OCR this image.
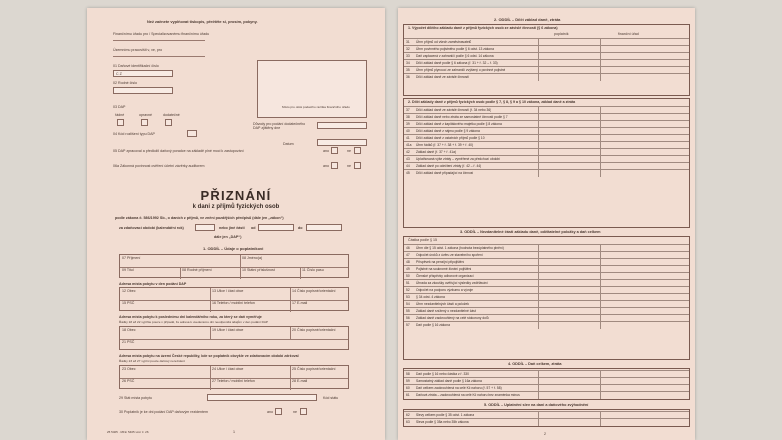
Než začnete vyplňovat tiskopis, přečtěte si, prosím, pokyny.
Finančnímu úřadu pro / Specializovanému finančnímu úřadu
Územnímu pracovišti v, ve, pro
01 Daňové identifikační číslo
C Z
02 Rodné číslo
Místo pro otisk podacího razítka finančního úřadu
03 DAP
řádné	opravné	dodatečné
Důvody pro podání dodatečného DAP zjištěny dne
04 Kód rozlišení typu DAP
05 DAP zpracoval a předložil daňový poradce na základě plné moci k zastupování
Datum
ano	ne
06a Zákonná povinnost ověření účetní závěrky auditorem	ano	ne
PŘIZNÁNÍ
k dani z příjmů fyzických osob
podle zákona č. 586/1992 Sb., o daních z příjmů, ve znění pozdějších předpisů (dále jen „zákon“)
za zdaňovací období (kalendářní rok)	nebo jiné části od	do
dále jen „DAP“)
1. ODDÍL – Údaje o poplatníkovi
07 Příjmení	08 Jméno(a)
09 Titul	08 Rodné příjmení	10 Státní příslušnost	11 Číslo pasu
Adresa místa pobytu v den podání DAP
12 Obec	13 Ulice / část obce	14 Číslo popisné/orientační
15 PSČ	16 Telefon / mobilní telefon	17 E-mail
Adresa místa pobytu k poslednímu dni kalendářního roku, za který se daň vyměřuje
Řádky 18 až 22 vyplňte pouze v případě, že adresa k uvedenému dni neodpovídá údajům v den podání DAP
18 Obec	19 Ulice / část obce	20 Číslo popisné/orientační
21 PSČ
Adresa místa pobytu na území České republiky, kde se poplatník obvykle ve zdaňovacím období zdržoval
Řádky 23 až 27 vyplní pouze daňový nerezident
23 Obec	24 Ulice / část obce	25 Číslo popisné/orientační
26 PSČ	27 Telefon / mobilní telefon	28 E-mail
29 Stát místa pobytu	Kód státu
30 Poplatník je ke dni podání DAP daňovým rezidentem	ano	ne
25 5405 · MFin 5405 vzor č. 26	1
2. ODDÍL – Dílčí základ daně, ztráta
1. Výpočet dílčího základu daně z příjmů fyzických osob ze závislé činnosti (§ 6 zákona)
poplatník	finanční úřad
31	Úhrn příjmů od všech zaměstnavatelů
32	Úhrn povinného pojistného podle § 6 odst. 13 zákona
33	Daň zaplacená v zahraničí podle § 6 odst. 14 zákona
34	Dílčí základ daně podle § 6 zákona (ř. 31 + ř. 32 – ř. 33)
35	Úhrn příjmů plynoucí ze zahraničí zvýšený o povinné pojistné
36	Dílčí základ daně ze závislé činnosti
2. Dílčí základy daně z příjmů fyzických osob podle § 7, § 8, § 9 a § 10 zákona, základ daně a ztráta
37	Dílčí základ daně ze závislé činnosti (ř. 34 nebo 36)
38	Dílčí základ daně nebo ztráta ze samostatné činnosti podle § 7
39	Dílčí základ daně z kapitálového majetku podle § 8 zákona
40	Dílčí základ daně z nájmu podle § 9 zákona
41	Dílčí základ daně z ostatních příjmů podle § 10
41a	Úhrn řádků (ř. 37 + ř. 38 + ř. 39 + ř. 40)
42	Základ daně (ř. 37 + ř. 41a)
43	Uplatňovaná výše ztráty – vyměřené za předchozí období
44	Základ daně po odečtení ztráty (ř. 42 – ř. 44)
45	Dílčí základ daně připadající na činnost
3. ODDÍL – Nezdanitelné části základu daně, odčitatelné položky a daň celkem
Částka podle § 15
46	Úhrn dle § 15 odst. 1 zákona (hodnota bezúplatného plnění)
47	Odpočet úroků z úvěru ze stavebního spoření
48	Příspěvek na penzijní připojištění
49	Pojistné na soukromé životní pojištění
50	Členské příspěvky odborové organizaci
51	Úhrada za zkoušky ověřující výsledky vzdělávání
52	Odpočet na podporu výzkumu a vývoje
53	§ 34 odst. 4 zákona
54	Úhrn nezdanitelných částí a položek
55	Základ daně snížený o nezdanitelné části
56	Základ daně zaokrouhlený na celé stokoruny dolů
57	Daň podle § 16 zákona
4. ODDÍL – Daň celkem, ztráta
58	Daň podle § 16 nebo částka z ř. 330
59	Samostatný základ daně podle § 16a zákona
60	Daň celkem zaokrouhlená na celé Kč nahoru (ř. 57 + ř. 58)
61	Daňová ztráta – zaokrouhlená na celé Kč nahoru bez znaménka mínus
5. ODDÍL – Uplatnění slev na dani a daňového zvýhodnění
62	Slevy celkem podle § 35 odst. 1 zákona
63	Sleva podle § 35a nebo 35b zákona
2
